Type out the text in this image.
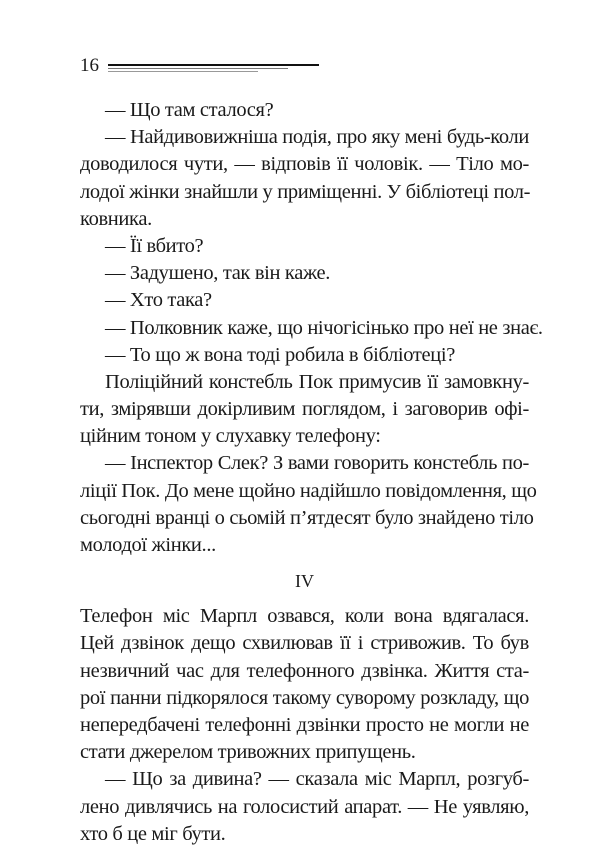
16
— Що там сталося?
— Найдивовижніша подія, про яку мені будь-коли
доводилося чути, — відповів її чоловік. — Тіло мо-
лодої жінки знайшли у приміщенні. У бібліотеці пол-
ковника.
— Її вбито?
— Задушено, так він каже.
— Хто така?
— Полковник каже, що нічогісінько про неї не знає.
— То що ж вона тоді робила в бібліотеці?
Поліційний констебль Пок примусив її замовкну-
ти, змірявши докірливим поглядом, і заговорив офі-
ційним тоном у слухавку телефону:
— Інспектор Слек? З вами говорить констебль по-
ліції Пок. До мене щойно надійшло повідомлення, що
сьогодні вранці о сьомій п’ятдесят було знайдено тіло
молодої жінки...
IV
Телефон міс Марпл озвався, коли вона вдягалася.
Цей дзвінок дещо схвилював її і стривожив. То був
незвичний час для телефонного дзвінка. Життя ста-
рої панни підкорялося такому суворому розкладу, що
непередбачені телефонні дзвінки просто не могли не
стати джерелом тривожних припущень.
— Що за дивина? — сказала міс Марпл, розгуб-
лено дивлячись на голосистий апарат. — Не уявляю,
хто б це міг бути.
